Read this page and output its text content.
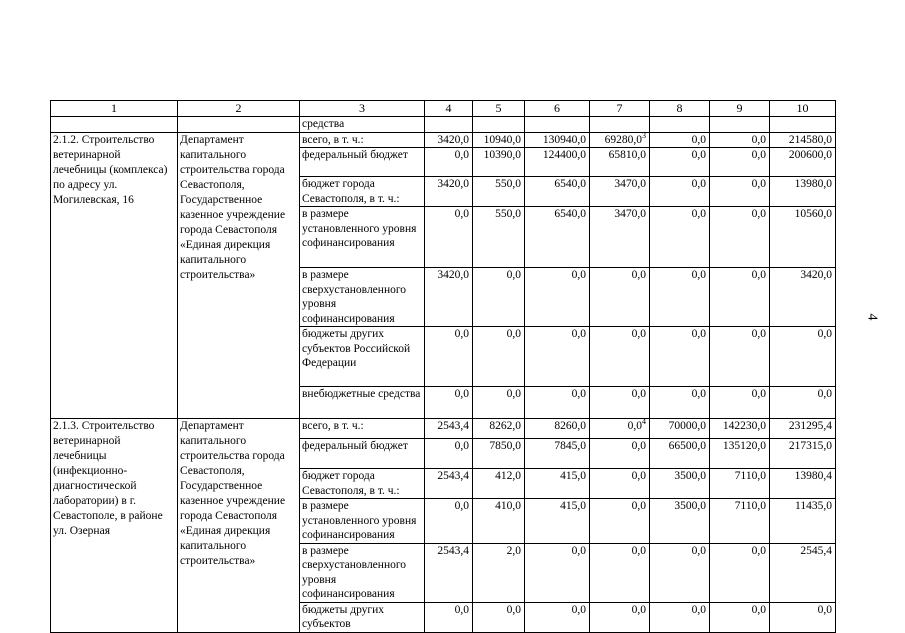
4
1	2	3	4	5	6	7	8	9	10
		средства							
2.1.2. Строительство ветеринарной лечебницы (комплекса) по адресу ул. Могилевская, 16	Департамент капитального строительства города Севастополя, Государственное казенное учреждение города Севастополя «Единая дирекция капитального строительства»	всего, в т. ч.:	3420,0	10940,0	130940,0	69280,0$^3$	0,0	0,0	214580,0
		федеральный бюджет	0,0	10390,0	124400,0	65810,0	0,0	0,0	200600,0
		бюджет города Севастополя, в т. ч.:	3420,0	550,0	6540,0	3470,0	0,0	0,0	13980,0
		в размере установленного уровня софинансирования	0,0	550,0	6540,0	3470,0	0,0	0,0	10560,0
		в размере сверхустановленного уровня софинансирования	3420,0	0,0	0,0	0,0	0,0	0,0	3420,0
		бюджеты других субъектов Российской Федерации	0,0	0,0	0,0	0,0	0,0	0,0	0,0
		внебюджетные средства	0,0	0,0	0,0	0,0	0,0	0,0	0,0
2.1.3. Строительство ветеринарной лечебницы (инфекционно-диагностической лаборатории) в г. Севастополе, в районе ул. Озерная	Департамент капитального строительства города Севастополя, Государственное казенное учреждение города Севастополя «Единая дирекция капитального строительства»	всего, в т. ч.:	2543,4	8262,0	8260,0	$0,0^4$	70000,0	142230,0	231295,4
		федеральный бюджет	0,0	7850,0	7845,0	0,0	66500,0	135120,0	217315,0
		бюджет города Севастополя, в т. ч.:	2543,4	412,0	415,0	0,0	3500,0	7110,0	13980,4
		в размере установленного уровня софинансирования	0,0	410,0	415,0	0,0	3500,0	7110,0	11435,0
		в размере сверхустановленного уровня софинансирования	2543,4	2,0	0,0	0,0	0,0	0,0	2545,4
		бюджеты других субъектов	0,0	0,0	0,0	0,0	0,0	0,0	0,0
